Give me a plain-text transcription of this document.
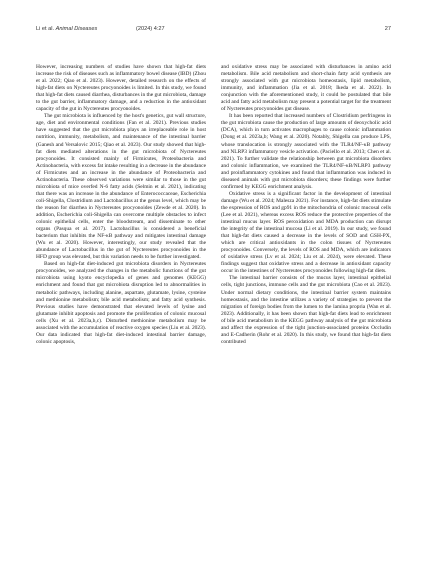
Li et al. Animal Diseases	(2024) 4:27	27

However, increasing numbers of studies have shown that high-fat diets increase the risk of diseases such as inflammatory bowel disease (IBD) (Zhou et al. 2022; Qiao et al. 2023). However, detailed research on the effects of high-fat diets on Nyctereutes procyonoides is limited. In this study, we found that high-fat diets caused diarrhea, disturbances in the gut microbiota, damage to the gut barrier, inflammatory damage, and a reduction in the antioxidant capacity of the gut in Nyctereutes procyonoides.

The gut microbiota is influenced by the host's genetics, gut wall structure, age, diet and environmental conditions (Fan et al. 2021). Previous studies have suggested that the gut microbiota plays an irreplaceable role in host nutrition, immunity, metabolism, and maintenance of the intestinal barrier (Ganesh and Versalovic 2015; Qiao et al. 2023). Our study showed that high-fat diets mediated alterations in the gut microbiota of Nyctereutes procyonoides. It consisted mainly of Firmicutes, Proteobacteria and Actinobacteria, with excess fat intake resulting in a decrease in the abundance of Firmicutes and an increase in the abundance of Proteobacteria and Actinobacteria. These observed variations were similar to those in the gut microbiota of mice overfed N-6 fatty acids (Selmin et al. 2021), indicating that there was an increase in the abundance of Enterococcaceae, Escherichia coli-Shigella, Clostridium and Lactobacillus at the genus level, which may be the reason for diarrhea in Nyctereutes procyonoides (Zewde et al. 2020). In addition, Escherichia coli-Shigella can overcome multiple obstacles to infect colonic epithelial cells, enter the bloodstream, and disseminate to other organs (Pasqua et al. 2017). Lactobacillus is considered a beneficial bacterium that inhibits the NF-κB pathway and mitigates intestinal damage (Wu et al. 2020). However, interestingly, our study revealed that the abundance of Lactobacillus in the gut of Nyctereutes procyonoides in the HFD group was elevated, but this variation needs to be further investigated.

Based on high-fat diet-induced gut microbiota disorders in Nyctereutes procyonoides, we analyzed the changes in the metabolic functions of the gut microbiota using kyoto encyclopedia of genes and genomes (KEGG) enrichment and found that gut microbiota disruption led to abnormalities in metabolic pathways, including alanine, aspartate, glutamate, lysine, cysteine and methionine metabolism; bile acid metabolism; and fatty acid synthesis. Previous studies have demonstrated that elevated levels of lysine and glutamate inhibit apoptosis and promote the proliferation of colonic mucosal cells (Xu et al. 2023a,b,c). Disturbed methionine metabolism may be associated with the accumulation of reactive oxygen species (Liu et al. 2023). Our data indicated that high-fat diet-induced intestinal barrier damage, colonic apoptosis,

and oxidative stress may be associated with disturbances in amino acid metabolism. Bile acid metabolism and short-chain fatty acid synthesis are strongly associated with gut microbiota homeostasis, lipid metabolism, immunity, and inflammation (Jia et al. 2018; Ikeda et al. 2022). In conjunction with the aforementioned study, it could be postulated that bile acid and fatty acid metabolism may present a potential target for the treatment of Nyctereutes procyonoides gut disease.

It has been reported that increased numbers of Clostridium perfringens in the gut microbiota cause the production of large amounts of deoxycholic acid (DCA), which in turn activates macrophages to cause colonic inflammation (Dong et al. 2023a,b; Wang et al. 2020). Notably, Shigella can produce LPS, whose translocation is strongly associated with the TLR4/NF-κB pathway and NLRP3 inflammatory vesicle activation. (Paciello et al. 2013; Chen et al. 2021). To further validate the relationship between gut microbiota disorders and colonic inflammation, we examined the TLR4/NF-κB/NLRP3 pathway and proinflammatory cytokines and found that inflammation was induced in diseased animals with gut microbiota disorders; these findings were further confirmed by KEGG enrichment analysis.

Oxidative stress is a significant factor in the development of intestinal damage (Wu et al. 2024; Malesza 2021). For instance, high-fat diets stimulate the expression of ROS and gp91 in the mitochondria of colonic mucosal cells (Lee et al. 2021), whereas excess ROS reduce the protective properties of the intestinal mucus layer. ROS peroxidation and MDA production can disrupt the integrity of the intestinal mucosa (Li et al. 2019). In our study, we found that high-fat diets caused a decrease in the levels of SOD and GSH-PX, which are critical antioxidants in the colon tissues of Nyctereutes procyonoides. Conversely, the levels of ROS and MDA, which are indicators of oxidative stress (Lv et al. 2024; Liu et al. 2024), were elevated. These findings suggest that oxidative stress and a decrease in antioxidant capacity occur in the intestines of Nyctereutes procyonoides following high-fat diets.

The intestinal barrier consists of the mucus layer, intestinal epithelial cells, tight junctions, immune cells and the gut microbiota (Cao et al. 2023). Under normal dietary conditions, the intestinal barrier system maintains homeostasis, and the intestine utilizes a variety of strategies to prevent the migration of foreign bodies from the lumen to the lamina propria (Wan et al. 2023). Additionally, it has been shown that high-fat diets lead to enrichment of bile acid metabolism in the KEGG pathway analysis of the gut microbiota and affect the expression of the tight junction-associated proteins Occludin and E-Cadherin (Rohr et al. 2020). In this study, we found that high-fat diets contributed
